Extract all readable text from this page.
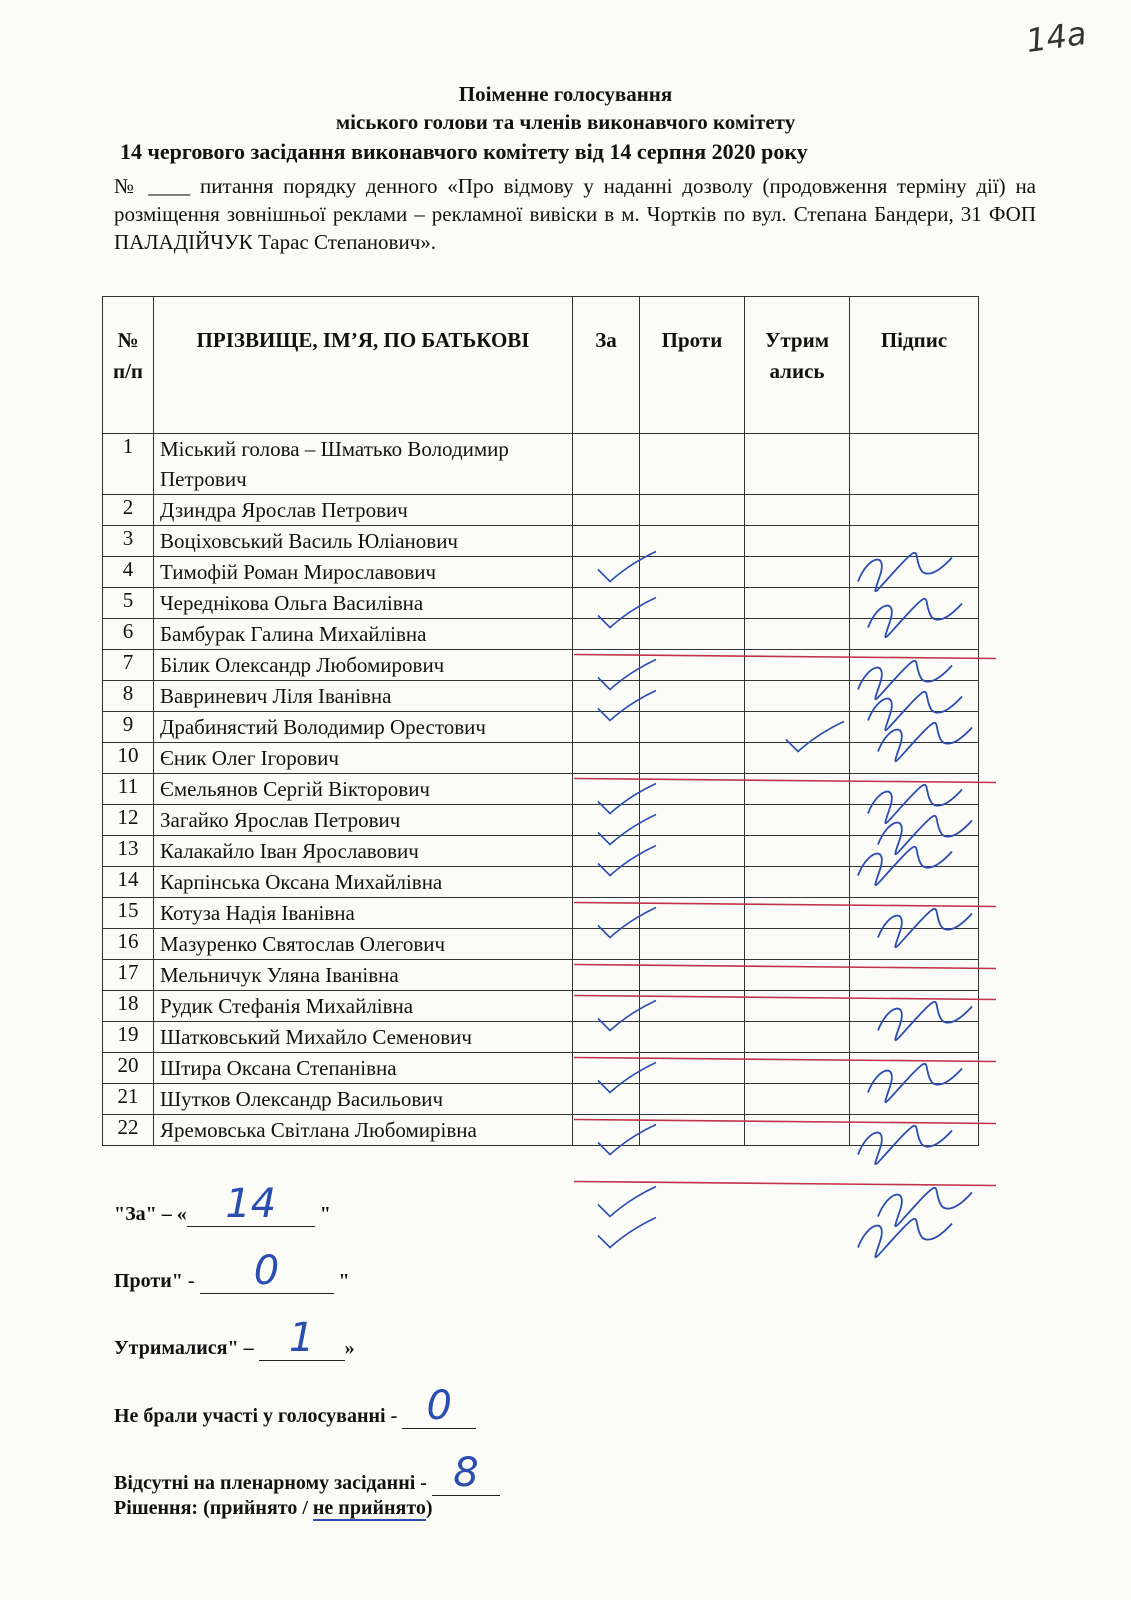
14а
Поіменне голосування
міського голови та членів виконавчого комітету
14 чергового засідання виконавчого комітету від 14 серпня 2020 року
№ ____ питання порядку денного «Про відмову у наданні дозволу (продовження терміну дії) на розміщення зовнішньої реклами – рекламної вивіски в м. Чортків по вул. Степана Бандери, 31 ФОП ПАЛАДІЙЧУК Тарас Степанович».
№ п/п	ПРІЗВИЩЕ, ІМ’Я, ПО БАТЬКОВІ	За	Проти	Утрим ались	Підпис
1	Міський голова – Шматько Володимир Петрович				
2	Дзиндра Ярослав Петрович				
3	Воціховський Василь Юліанович				
4	Тимофій Роман Мирославович				
5	Череднікова Ольга Василівна				
6	Бамбурак Галина Михайлівна				
7	Білик Олександр Любомирович				
8	Вавриневич Ліля Іванівна				
9	Драбинястий Володимир Орестович				
10	Єник Олег Ігорович				
11	Ємельянов Сергій Вікторович				
12	Загайко Ярослав Петрович				
13	Калакайло Іван Ярославович				
14	Карпінська Оксана Михайлівна				
15	Котуза Надія Іванівна				
16	Мазуренко Святослав Олегович				
17	Мельничук Уляна Іванівна				
18	Рудик Стефанія Михайлівна				
19	Шатковський Михайло Семенович				
20	Штира Оксана Степанівна				
21	Шутков Олександр Васильович				
22	Яремовська Світлана Любомирівна				
"За" – « 14	"
Проти" -	0	"
Утрималися" – 1	»
Не брали участі у голосуванні - 0
Відсутні на пленарному засіданні - 8
Рішення: (прийнято / не прийнято)
